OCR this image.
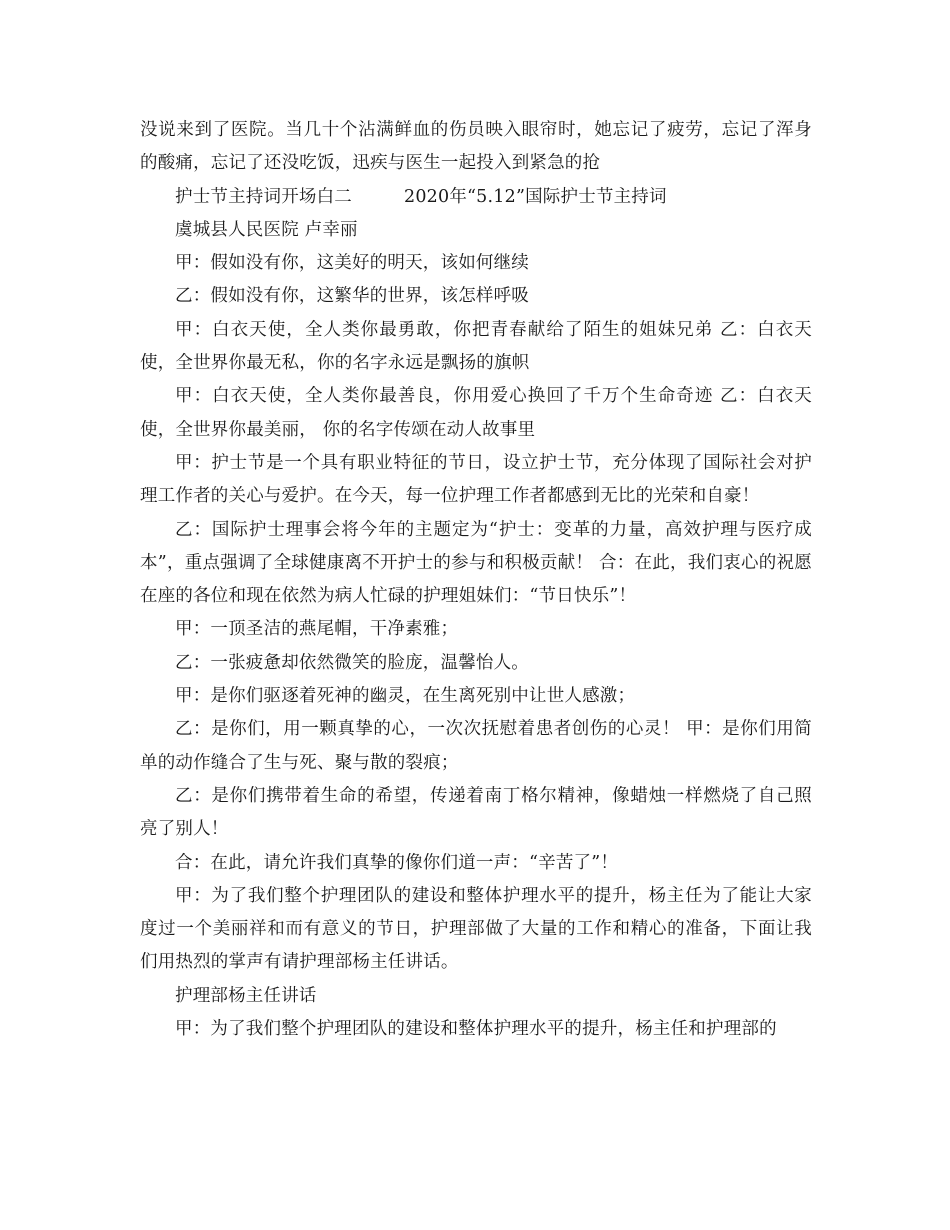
没说来到了医院。当几十个沾满鲜血的伤员映入眼帘时，她忘记了疲劳，忘记了浑身的酸痛，忘记了还没吃饭，迅疾与医生一起投入到紧急的抢

护士节主持词开场白二	2020年“5.12”国际护士节主持词

虞城县人民医院 卢幸丽

甲：假如没有你，这美好的明天，该如何继续

乙：假如没有你，这繁华的世界，该怎样呼吸

甲：白衣天使，全人类你最勇敢，你把青春献给了陌生的姐妹兄弟 乙：白衣天使，全世界你最无私，你的名字永远是飘扬的旗帜

甲：白衣天使，全人类你最善良，你用爱心换回了千万个生命奇迹 乙：白衣天使，全世界你最美丽， 你的名字传颂在动人故事里

甲：护士节是一个具有职业特征的节日，设立护士节，充分体现了国际社会对护理工作者的关心与爱护。在今天，每一位护理工作者都感到无比的光荣和自豪！

乙：国际护士理事会将今年的主题定为“护士：变革的力量，高效护理与医疗成本”，重点强调了全球健康离不开护士的参与和积极贡献！ 合：在此，我们衷心的祝愿在座的各位和现在依然为病人忙碌的护理姐妹们：“节日快乐”！

甲：一顶圣洁的燕尾帽，干净素雅；

乙：一张疲惫却依然微笑的脸庞，温馨怡人。

甲：是你们驱逐着死神的幽灵，在生离死别中让世人感激；

乙：是你们，用一颗真挚的心，一次次抚慰着患者创伤的心灵！ 甲：是你们用简单的动作缝合了生与死、聚与散的裂痕；

乙：是你们携带着生命的希望，传递着南丁格尔精神，像蜡烛一样燃烧了自己照亮了别人！

合：在此，请允许我们真挚的像你们道一声：“辛苦了”！

甲：为了我们整个护理团队的建设和整体护理水平的提升，杨主任为了能让大家度过一个美丽祥和而有意义的节日，护理部做了大量的工作和精心的准备，下面让我们用热烈的掌声有请护理部杨主任讲话。

护理部杨主任讲话

甲：为了我们整个护理团队的建设和整体护理水平的提升，杨主任和护理部的
